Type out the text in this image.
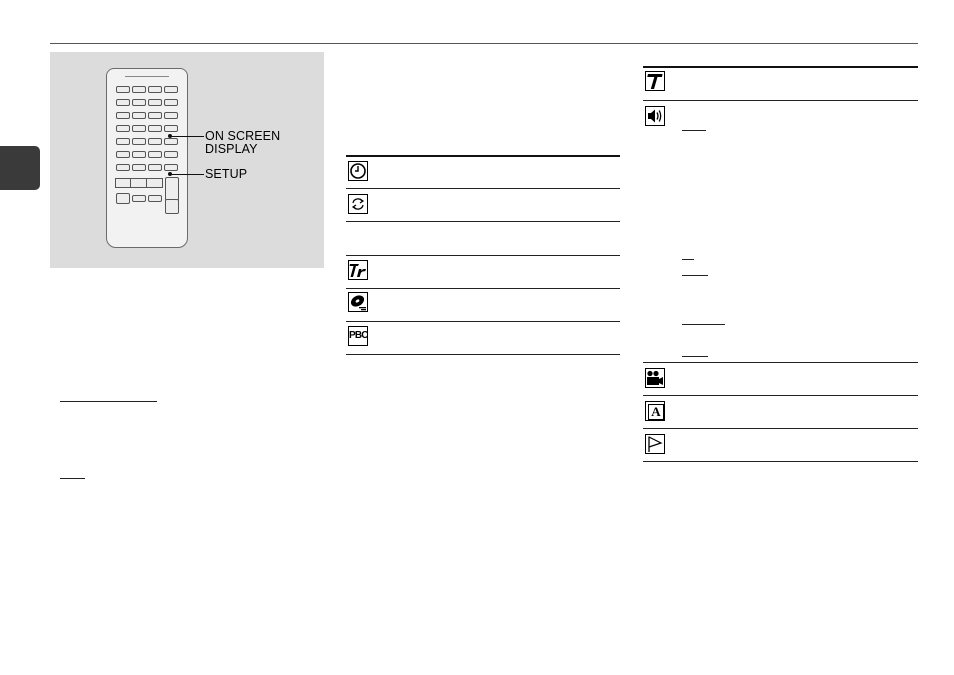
ON SCREEN
DISPLAY
SETUP
PBC
A
